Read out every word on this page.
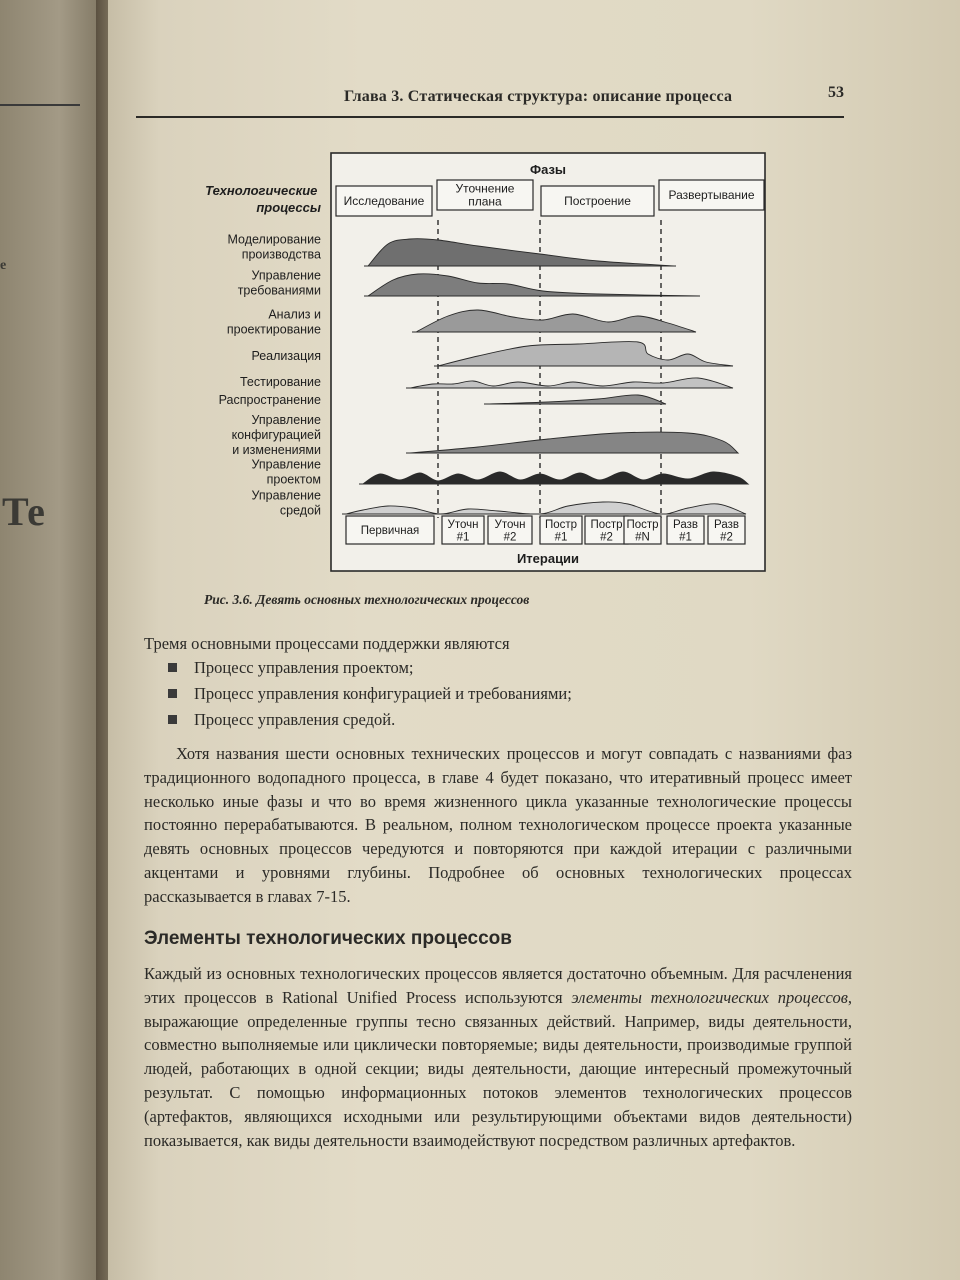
е
Те
Глава 3. Статическая структура: описание процесса	53
Фазы
Итерации
Технологические процессы
Моделирование производства
Управление требованиями
Анализ и проектирование
Реализация
Тестирование
Распространение
Управление конфигурацией и изменениями
Управление проектом
Управление средой
Исследование
Уточнение плана	Построение	Развертывание
Первичная
Уточн #1
Уточн #2
Постр #1
Постр #2
Постр #N
Разв #1
Разв #2
Рис. 3.6. Девять основных технологических процессов
Тремя основными процессами поддержки являются
Процесс управления проектом;
Процесс управления конфигурацией и требованиями;
Процесс управления средой.
Хотя названия шести основных технических процессов и могут совпадать с названиями фаз традиционного водопадного процесса, в главе 4 будет показано, что итеративный процесс имеет несколько иные фазы и что во время жизненного цикла указанные технологические процессы постоянно перерабатываются. В реальном, полном технологическом процессе проекта указанные девять основных процессов чередуются и повторяются при каждой итерации с различными акцентами и уровнями глубины. Подробнее об основных технологических процессах рассказывается в главах 7-15.
Элементы технологических процессов
Каждый из основных технологических процессов является достаточно объемным. Для расчленения этих процессов в Rational Unified Process используются элементы технологических процессов, выражающие определенные группы тесно связанных действий. Например, виды деятельности, совместно выполняемые или циклически повторяемые; виды деятельности, производимые группой людей, работающих в одной секции; виды деятельности, дающие интересный промежуточный результат. С помощью информационных потоков элементов технологических процессов (артефактов, являющихся исходными или результирующими объектами видов деятельности) показывается, как виды деятельности взаимодействуют посредством различных артефактов.
